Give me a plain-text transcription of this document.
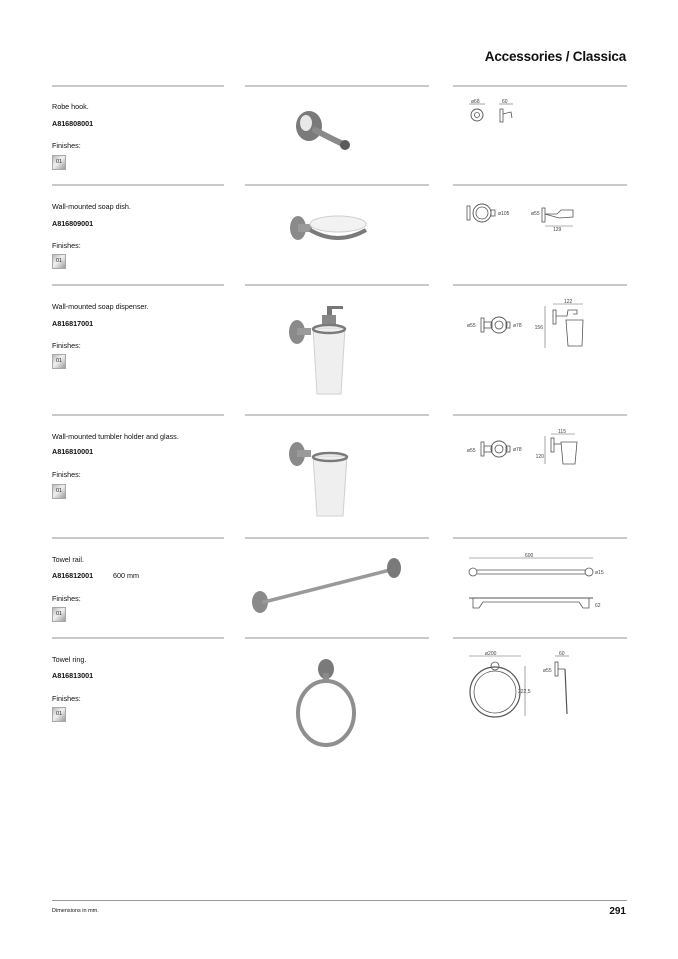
Accessories / Classica
Robe hook.
A816808001
Finishes:
01
ø68	60
Wall-mounted soap dish.
A816809001
Finishes:
01
ø105	ø55
129
Wall-mounted soap dispenser.
A816817001
Finishes:
01
ø55	ø78
122
156
Wall-mounted tumbler holder and glass.
A816810001
Finishes:
01
ø55	ø78
115
120
Towel rail.
A816812001	600 mm
Finishes:
01
600
ø15
62
Towel ring.
A816813001
Finishes:
01
ø200
222,5
60
ø55
Dimensions in mm.	291
